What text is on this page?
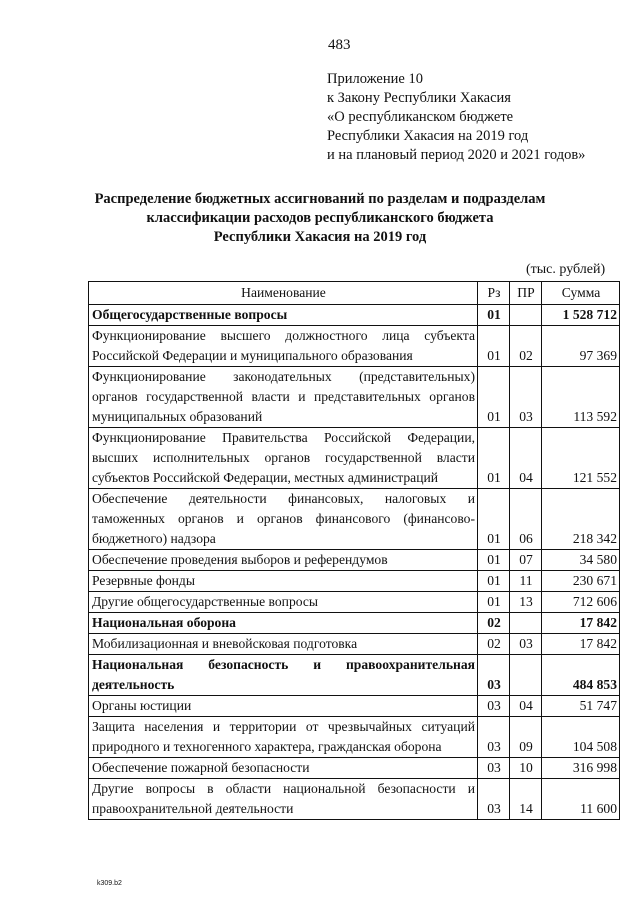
483
Приложение 10
к Закону Республики Хакасия
«О республиканском бюджете
Республики Хакасия на 2019 год
и на плановый период 2020 и 2021 годов»
Распределение бюджетных ассигнований по разделам и подразделам
классификации расходов республиканского бюджета
Республики Хакасия на 2019 год
(тыс. рублей)
Наименование	Рз	ПР	Сумма
Общегосударственные вопросы	01		1 528 712
Функционирование высшего должностного лица субъекта Российской Федерации и муниципального образования	01	02	97 369
Функционирование законодательных (представительных) органов государственной власти и представительных органов муниципальных образований	01	03	113 592
Функционирование Правительства Российской Федерации, высших исполнительных органов государственной власти субъектов Российской Федерации, местных администраций	01	04	121 552
Обеспечение деятельности финансовых, налоговых и таможенных органов и органов финансового (финансово-бюджетного) надзора	01	06	218 342
Обеспечение проведения выборов и референдумов	01	07	34 580
Резервные фонды	01	11	230 671
Другие общегосударственные вопросы	01	13	712 606
Национальная оборона	02		17 842
Мобилизационная и вневойсковая подготовка	02	03	17 842
Национальная безопасность и правоохранительная деятельность	03		484 853
Органы юстиции	03	04	51 747
Защита населения и территории от чрезвычайных ситуаций природного и техногенного характера, гражданская оборона	03	09	104 508
Обеспечение пожарной безопасности	03	10	316 998
Другие вопросы в области национальной безопасности и правоохранительной деятельности	03	14	11 600
k309.b2
